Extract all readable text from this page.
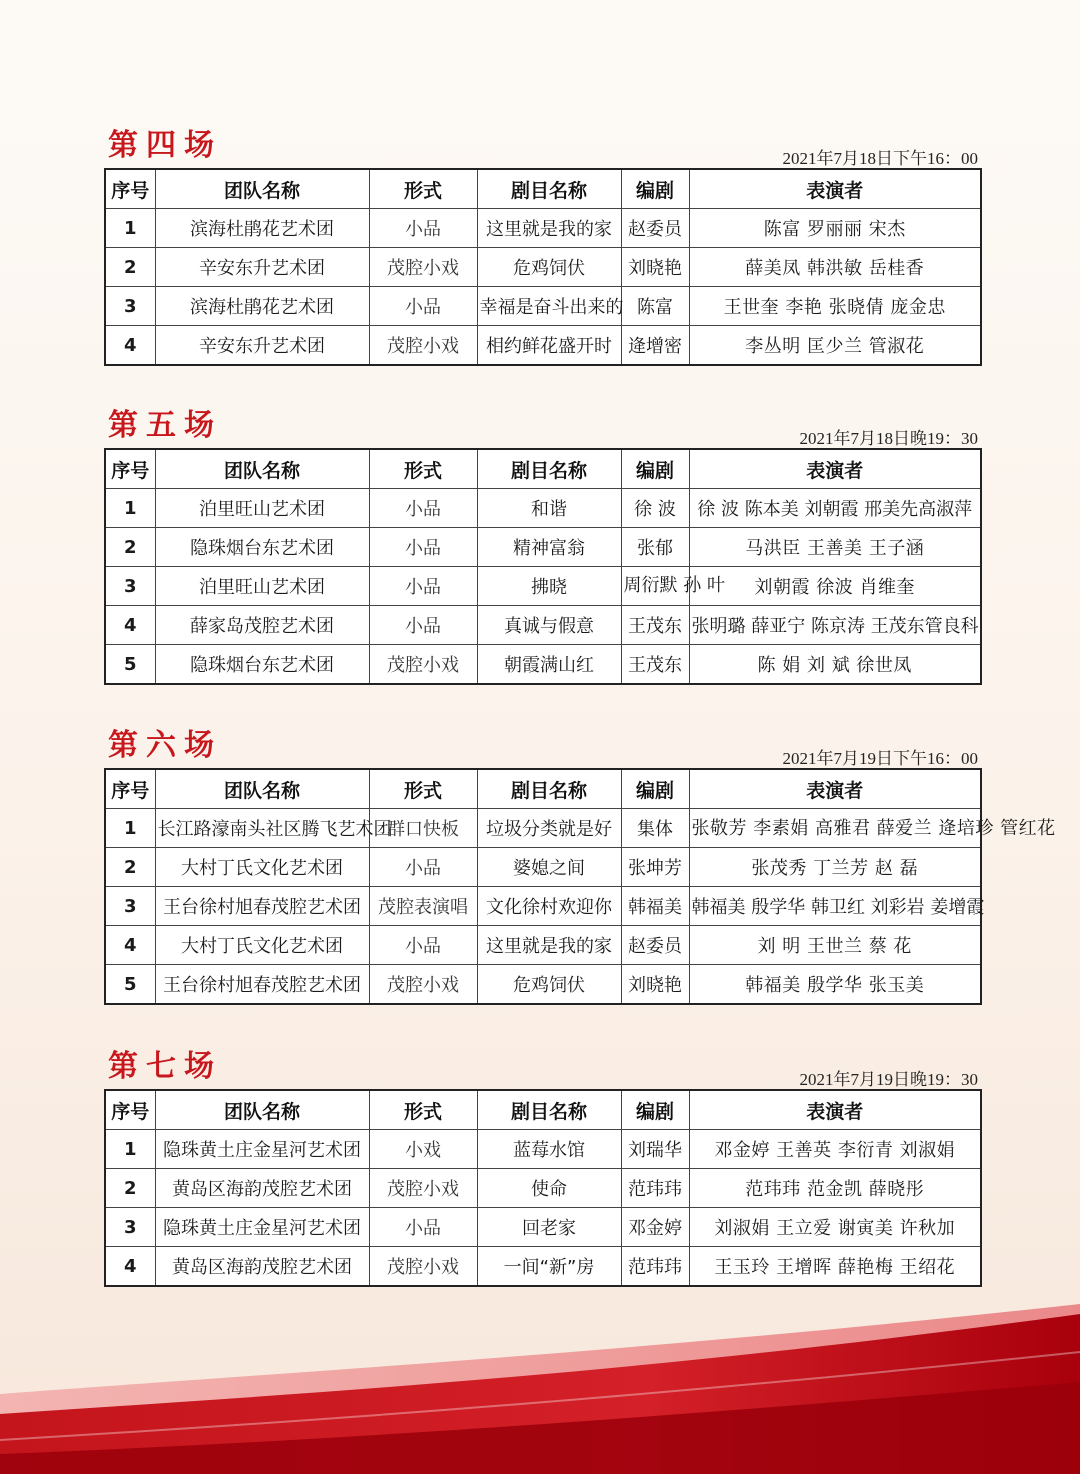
第四场	2021年7月18日下午16：00
序号	团队名称	形式	剧目名称	编剧	表演者
1	滨海杜鹃花艺术团	小品	这里就是我的家	赵委员	陈富 罗丽丽 宋杰
2	辛安东升艺术团	茂腔小戏	危鸡饲伏	刘晓艳	薛美凤 韩洪敏 岳桂香
3	滨海杜鹃花艺术团	小品	幸福是奋斗出来的	陈富	王世奎 李艳 张晓倩 庞金忠
4	辛安东升艺术团	茂腔小戏	相约鲜花盛开时	逄增密	李丛明 匡少兰 管淑花
第五场	2021年7月18日晚19：30
序号	团队名称	形式	剧目名称	编剧	表演者
1	泊里旺山艺术团	小品	和谐	徐 波	徐 波 陈本美 刘朝霞 邢美先高淑萍
2	隐珠烟台东艺术团	小品	精神富翁	张郁	马洪臣 王善美 王子涵
3	泊里旺山艺术团	小品	拂晓	周衍默 孙 叶	刘朝霞 徐波 肖维奎
4	薛家岛茂腔艺术团	小品	真诚与假意	王茂东	张明璐 薛亚宁 陈京涛 王茂东管良科
5	隐珠烟台东艺术团	茂腔小戏	朝霞满山红	王茂东	陈 娟 刘 斌 徐世凤
第六场	2021年7月19日下午16：00
序号	团队名称	形式	剧目名称	编剧	表演者
1	长江路濠南头社区腾飞艺术团	群口快板	垃圾分类就是好	集体	张敬芳 李素娟 高雅君 薛爱兰 逄培珍 管红花
2	大村丁氏文化艺术团	小品	婆媳之间	张坤芳	张茂秀 丁兰芳 赵 磊
3	王台徐村旭春茂腔艺术团	茂腔表演唱	文化徐村欢迎你	韩福美	韩福美 殷学华 韩卫红 刘彩岩 姜增霞
4	大村丁氏文化艺术团	小品	这里就是我的家	赵委员	刘 明 王世兰 蔡 花
5	王台徐村旭春茂腔艺术团	茂腔小戏	危鸡饲伏	刘晓艳	韩福美 殷学华 张玉美
第七场	2021年7月19日晚19：30
序号	团队名称	形式	剧目名称	编剧	表演者
1	隐珠黄土庄金星河艺术团	小戏	蓝莓水馆	刘瑞华	邓金婷 王善英 李衍青 刘淑娟
2	黄岛区海韵茂腔艺术团	茂腔小戏	使命	范玮玮	范玮玮 范金凯 薛晓彤
3	隐珠黄土庄金星河艺术团	小品	回老家	邓金婷	刘淑娟 王立爱 谢寅美 许秋加
4	黄岛区海韵茂腔艺术团	茂腔小戏	一间“新”房	范玮玮	王玉玲 王增晖 薛艳梅 王绍花
